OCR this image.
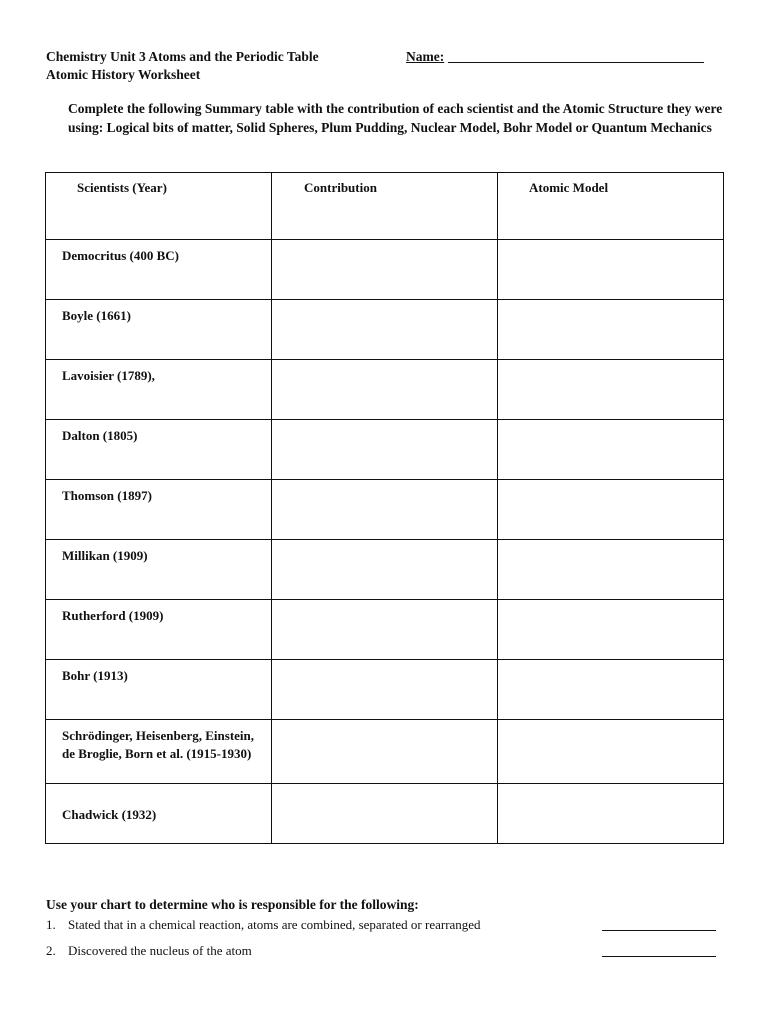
Chemistry Unit 3 Atoms and the Periodic Table
Atomic History Worksheet
Name:
Complete the following Summary table with the contribution of each scientist and the Atomic Structure they were using: Logical bits of matter, Solid Spheres, Plum Pudding, Nuclear Model, Bohr Model or Quantum Mechanics
Scientists (Year)	Contribution	Atomic Model
Democritus (400 BC)		
Boyle (1661)		
Lavoisier (1789),		
Dalton (1805)		
Thomson (1897)		
Millikan (1909)		
Rutherford (1909)		
Bohr (1913)		
Schrödinger, Heisenberg, Einstein, de Broglie, Born et al. (1915-1930)		
Chadwick (1932)		
Use your chart to determine who is responsible for the following:
1. Stated that in a chemical reaction, atoms are combined, separated or rearranged
2. Discovered the nucleus of the atom
